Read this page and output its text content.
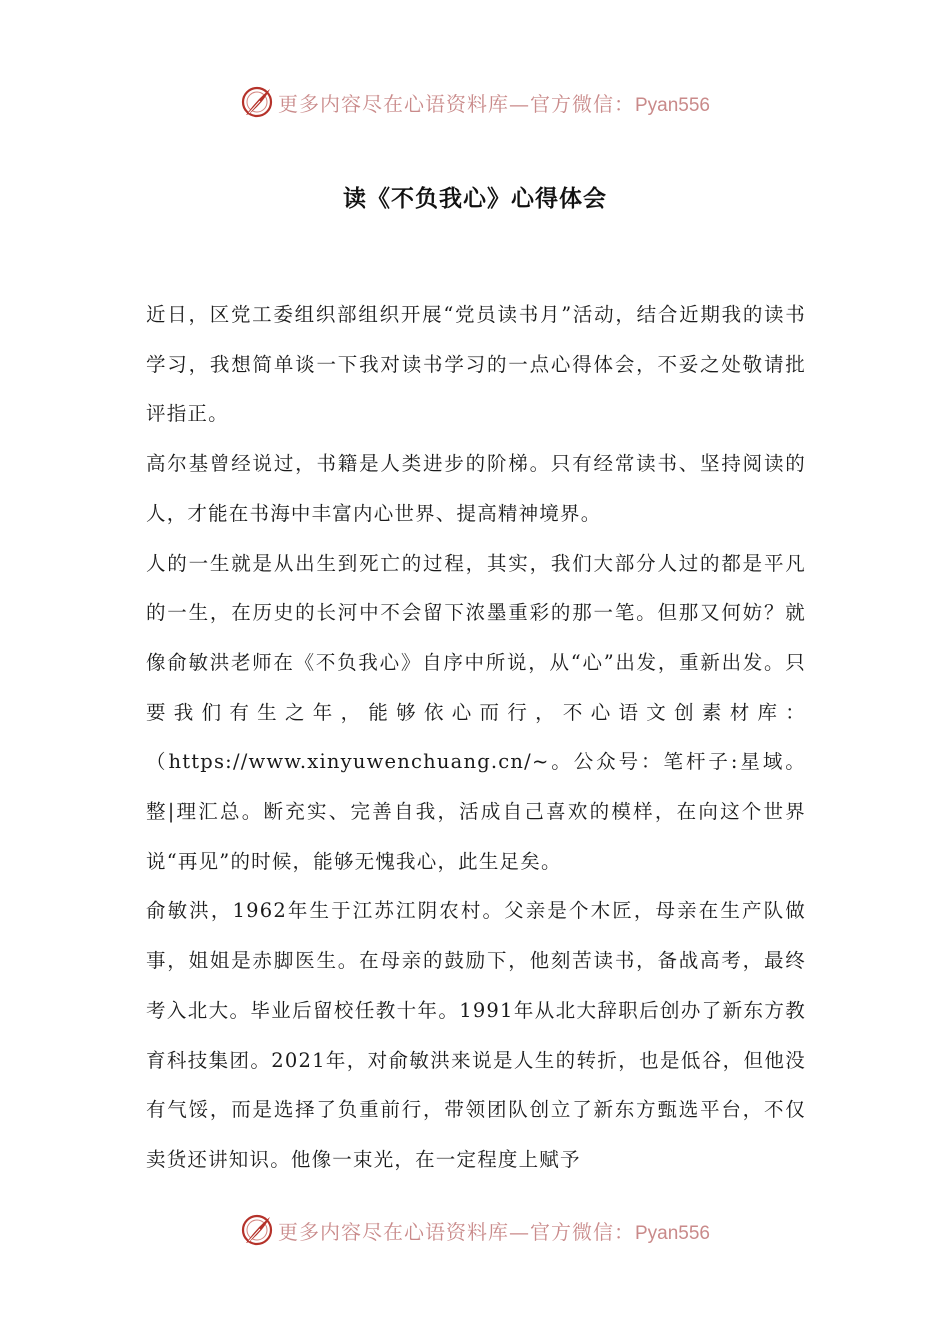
更多内容尽在心语资料库—官方微信：Pyan556
读《不负我心》心得体会

近日，区党工委组织部组织开展“党员读书月”活动，结合近期我的读书学习，我想简单谈一下我对读书学习的一点心得体会，不妥之处敬请批评指正。

高尔基曾经说过，书籍是人类进步的阶梯。只有经常读书、坚持阅读的人，才能在书海中丰富内心世界、提高精神境界。

人的一生就是从出生到死亡的过程，其实，我们大部分人过的都是平凡的一生，在历史的长河中不会留下浓墨重彩的那一笔。但那又何妨？就像俞敏洪老师在《不负我心》自序中所说，从“心”出发，重新出发。只要我们有生之年，能够依心而行，不心语文创素材库：（https://www.xinyuwenchuang.cn/~。公众号：笔杆子:星域。整|理汇总。断充实、完善自我，活成自己喜欢的模样，在向这个世界说“再见”的时候，能够无愧我心，此生足矣。

俞敏洪，1962年生于江苏江阴农村。父亲是个木匠，母亲在生产队做事，姐姐是赤脚医生。在母亲的鼓励下，他刻苦读书，备战高考，最终考入北大。毕业后留校任教十年。1991年从北大辞职后创办了新东方教育科技集团。2021年，对俞敏洪来说是人生的转折，也是低谷，但他没有气馁，而是选择了负重前行，带领团队创立了新东方甄选平台，不仅卖货还讲知识。他像一束光，在一定程度上赋予

更多内容尽在心语资料库—官方微信：Pyan556
